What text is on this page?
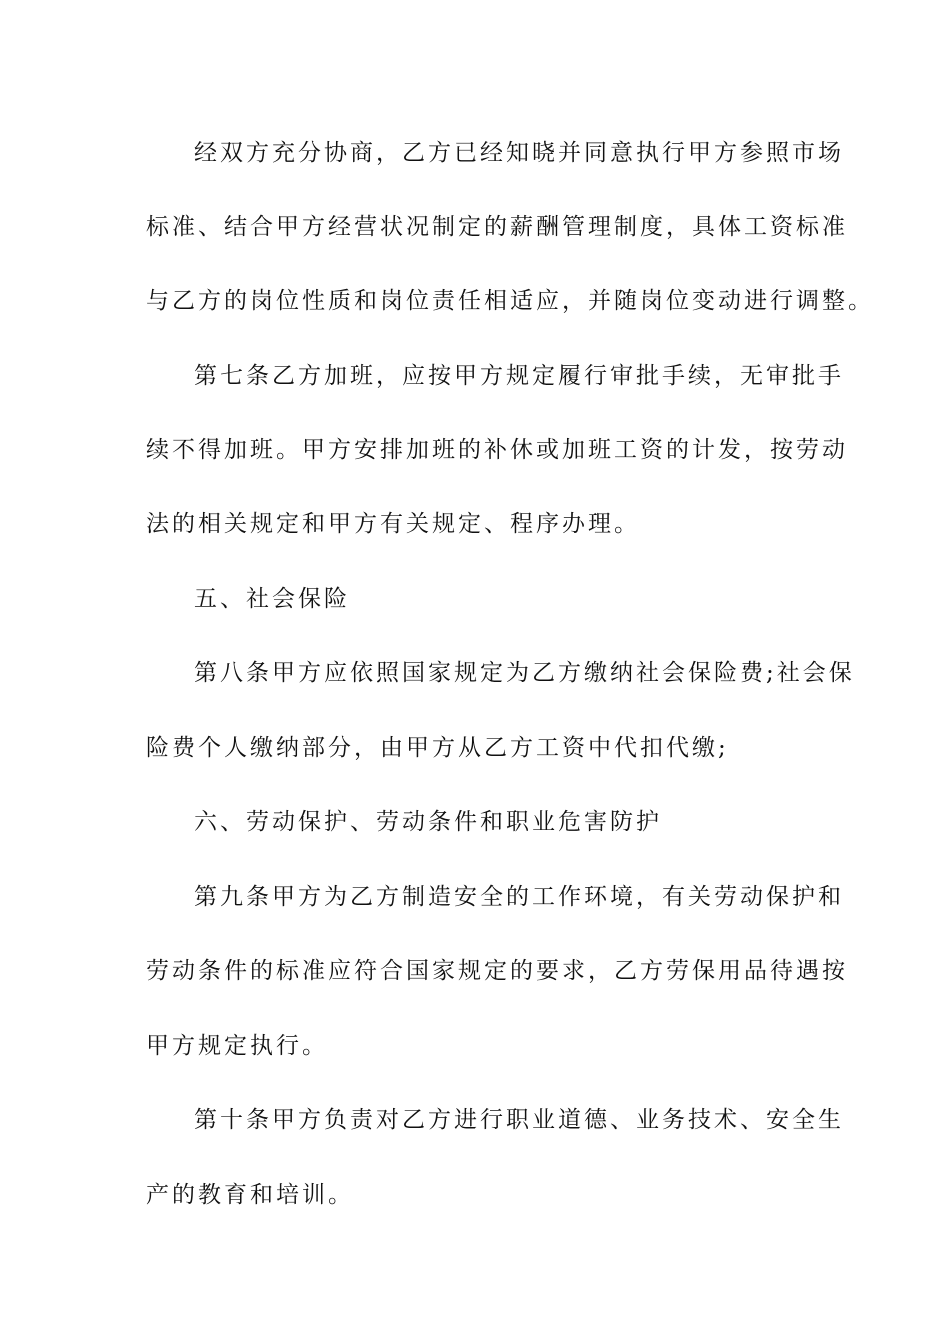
经双方充分协商，乙方已经知晓并同意执行甲方参照市场

标准、结合甲方经营状况制定的薪酬管理制度，具体工资标准

与乙方的岗位性质和岗位责任相适应，并随岗位变动进行调整。

第七条乙方加班，应按甲方规定履行审批手续，无审批手

续不得加班。甲方安排加班的补休或加班工资的计发，按劳动

法的相关规定和甲方有关规定、程序办理。

五、社会保险

第八条甲方应依照国家规定为乙方缴纳社会保险费;社会保

险费个人缴纳部分，由甲方从乙方工资中代扣代缴;

六、劳动保护、劳动条件和职业危害防护

第九条甲方为乙方制造安全的工作环境，有关劳动保护和

劳动条件的标准应符合国家规定的要求，乙方劳保用品待遇按

甲方规定执行。

第十条甲方负责对乙方进行职业道德、业务技术、安全生

产的教育和培训。
